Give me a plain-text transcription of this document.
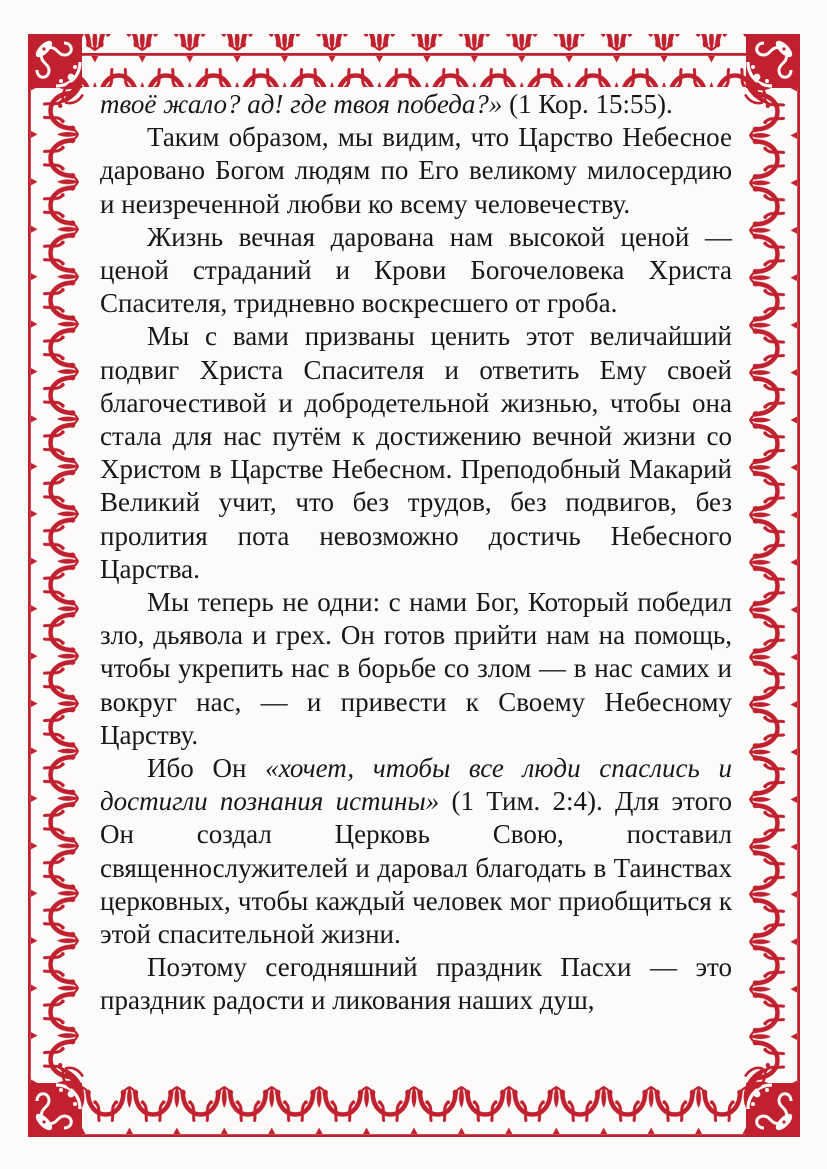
твоё жало? ад! где твоя победа?» (1 Кор. 15:55).

Таким образом, мы видим, что Царство Небесное даровано Богом людям по Его великому милосердию и неизреченной любви ко всему человечеству.

Жизнь вечная дарована нам высокой ценой — ценой страданий и Крови Богочеловека Христа Спасителя, тридневно воскресшего от гроба.

Мы с вами призваны ценить этот величайший подвиг Христа Спасителя и ответить Ему своей благочестивой и добродетельной жизнью, чтобы она стала для нас путём к достижению вечной жизни со Христом в Царстве Небесном. Преподобный Макарий Великий учит, что без трудов, без подвигов, без пролития пота невозможно достичь Небесного Царства.

Мы теперь не одни: с нами Бог, Который победил зло, дьявола и грех. Он готов прийти нам на помощь, чтобы укрепить нас в борьбе со злом — в нас самих и вокруг нас, — и привести к Своему Небесному Царству.

Ибо Он «хочет, чтобы все люди спаслись и достигли познания истины» (1 Тим. 2:4). Для этого Он создал Церковь Свою, поставил священнослужителей и даровал благодать в Таинствах церковных, чтобы каждый человек мог приобщиться к этой спасительной жизни.

Поэтому сегодняшний праздник Пасхи — это праздник радости и ликования наших душ,
